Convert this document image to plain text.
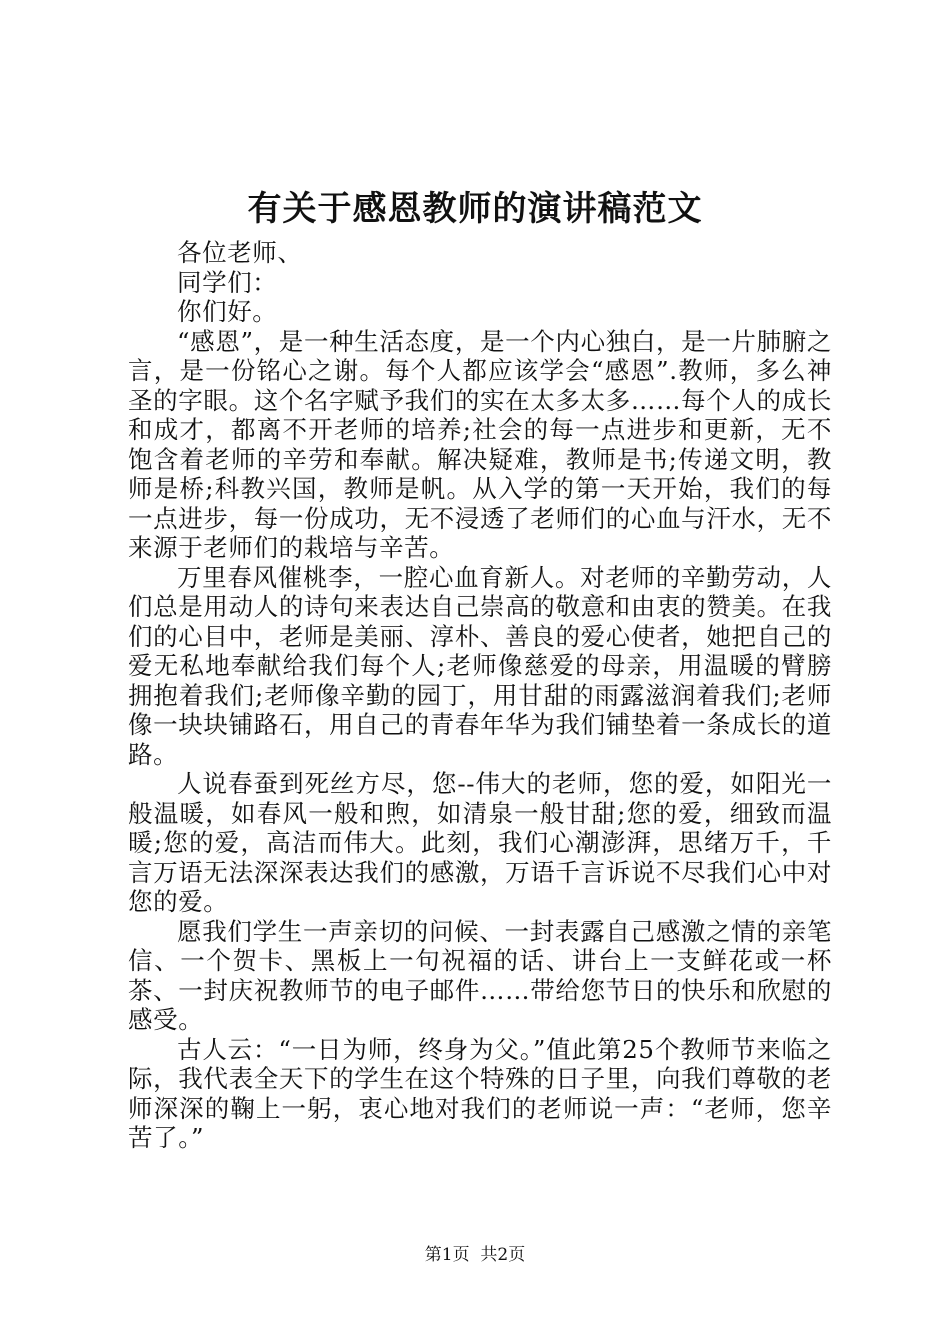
有关于感恩教师的演讲稿范文

各位老师、

同学们：

你们好。

“感恩”，是一种生活态度，是一个内心独白，是一片肺腑之言，是一份铭心之谢。每个人都应该学会“感恩”.教师，多么神圣的字眼。这个名字赋予我们的实在太多太多……每个人的成长和成才，都离不开老师的培养;社会的每一点进步和更新，无不饱含着老师的辛劳和奉献。解决疑难，教师是书;传递文明，教师是桥;科教兴国，教师是帆。从入学的第一天开始，我们的每一点进步，每一份成功，无不浸透了老师们的心血与汗水，无不来源于老师们的栽培与辛苦。

万里春风催桃李，一腔心血育新人。对老师的辛勤劳动，人们总是用动人的诗句来表达自己崇高的敬意和由衷的赞美。在我们的心目中，老师是美丽、淳朴、善良的爱心使者，她把自己的爱无私地奉献给我们每个人;老师像慈爱的母亲，用温暖的臂膀拥抱着我们;老师像辛勤的园丁，用甘甜的雨露滋润着我们;老师像一块块铺路石，用自己的青春年华为我们铺垫着一条成长的道路。

人说春蚕到死丝方尽，您--伟大的老师，您的爱，如阳光一般温暖，如春风一般和煦，如清泉一般甘甜;您的爱，细致而温暖;您的爱，高洁而伟大。此刻，我们心潮澎湃，思绪万千，千言万语无法深深表达我们的感激，万语千言诉说不尽我们心中对您的爱。

愿我们学生一声亲切的问候、一封表露自己感激之情的亲笔信、一个贺卡、黑板上一句祝福的话、讲台上一支鲜花或一杯茶、一封庆祝教师节的电子邮件……带给您节日的快乐和欣慰的感受。

古人云：“一日为师，终身为父。”值此第25个教师节来临之际，我代表全天下的学生在这个特殊的日子里，向我们尊敬的老师深深的鞠上一躬，衷心地对我们的老师说一声：“老师，您辛苦了。”

第1页  共2页
